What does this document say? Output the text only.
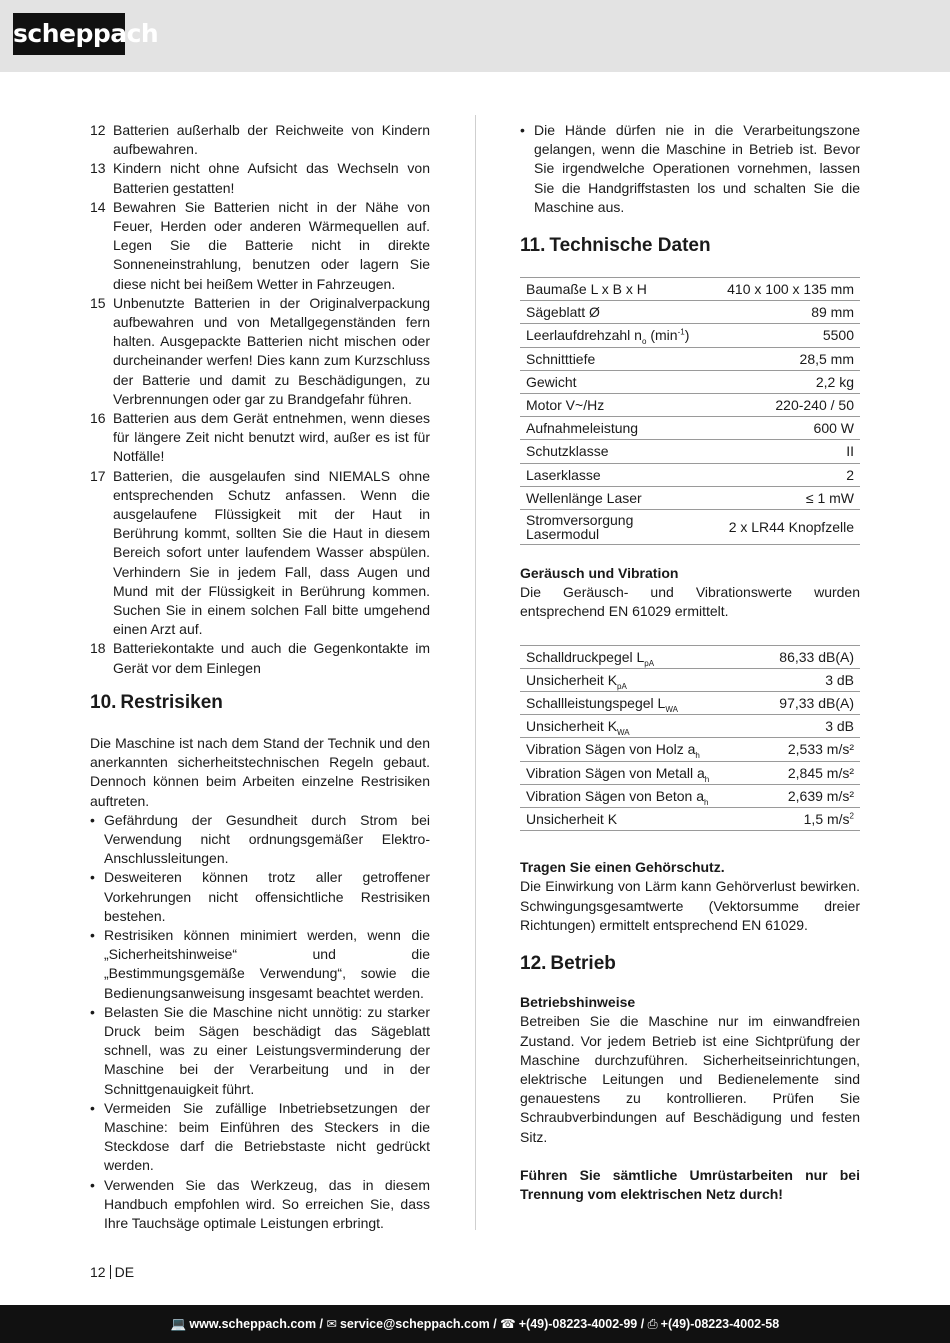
scheppach
12 Batterien außerhalb der Reichweite von Kindern aufbewahren.
13 Kindern nicht ohne Aufsicht das Wechseln von Batterien gestatten!
14 Bewahren Sie Batterien nicht in der Nähe von Feuer, Herden oder anderen Wärmequellen auf. Legen Sie die Batterie nicht in direkte Sonneneinstrahlung, benutzen oder lagern Sie diese nicht bei heißem Wetter in Fahrzeugen.
15 Unbenutzte Batterien in der Originalverpackung aufbewahren und von Metallgegenständen fern halten. Ausgepackte Batterien nicht mischen oder durcheinander werfen! Dies kann zum Kurzschluss der Batterie und damit zu Beschädigungen, zu Verbrennungen oder gar zu Brandgefahr führen.
16 Batterien aus dem Gerät entnehmen, wenn dieses für längere Zeit nicht benutzt wird, außer es ist für Notfälle!
17 Batterien, die ausgelaufen sind NIEMALS ohne entsprechenden Schutz anfassen. Wenn die ausgelaufene Flüssigkeit mit der Haut in Berührung kommt, sollten Sie die Haut in diesem Bereich sofort unter laufendem Wasser abspülen. Verhindern Sie in jedem Fall, dass Augen und Mund mit der Flüssigkeit in Berührung kommen. Suchen Sie in einem solchen Fall bitte umgehend einen Arzt auf.
18 Batteriekontakte und auch die Gegenkontakte im Gerät vor dem Einlegen
10. Restrisiken

Die Maschine ist nach dem Stand der Technik und den anerkannten sicherheitstechnischen Regeln gebaut. Dennoch können beim Arbeiten einzelne Restrisiken auftreten.

• Gefährdung der Gesundheit durch Strom bei Verwendung nicht ordnungsgemäßer Elektro-Anschlussleitungen.
• Desweiteren können trotz aller getroffener Vorkehrungen nicht offensichtliche Restrisiken bestehen.
• Restrisiken können minimiert werden, wenn die „Sicherheitshinweise“ und die „Bestimmungsgemäße Verwendung“, sowie die Bedienungsanweisung insgesamt beachtet werden.
• Belasten Sie die Maschine nicht unnötig: zu starker Druck beim Sägen beschädigt das Sägeblatt schnell, was zu einer Leistungsverminderung der Maschine bei der Verarbeitung und in der Schnittgenauigkeit führt.
• Vermeiden Sie zufällige Inbetriebsetzungen der Maschine: beim Einführen des Steckers in die Steckdose darf die Betriebstaste nicht gedrückt werden.
• Verwenden Sie das Werkzeug, das in diesem Handbuch empfohlen wird. So erreichen Sie, dass Ihre Tauchsäge optimale Leistungen erbringt.
• Die Hände dürfen nie in die Verarbeitungszone gelangen, wenn die Maschine in Betrieb ist. Bevor Sie irgendwelche Operationen vornehmen, lassen Sie die Handgriffstasten los und schalten Sie die Maschine aus.
11. Technische Daten
Baumaße L x B x H	410 x 100 x 135 mm
Sägeblatt Ø	89 mm
Leerlaufdrehzahl $n_o$ $(\min^{-1})$	5500
Schnitttiefe	28,5 mm
Gewicht	2,2 kg
Motor V~/Hz	220-240 / 50
Aufnahmeleistung	600 W
Schutzklasse	II
Laserklasse	2
Wellenlänge Laser	≤ 1 mW
Stromversorgung
Lasermodul	2 x LR44 Knopfzelle

Geräusch und Vibration

Die Geräusch- und Vibrationswerte wurden entsprechend EN 61029 ermittelt.

Schalldruckpegel $L_{pA}$	86,33 dB(A)
Unsicherheit $K_{pA}$	3 dB
Schallleistungspegel $L_{WA}$	97,33 dB(A)
Unsicherheit $K_{WA}$	3 dB
Vibration Sägen von Holz $a_h$	2,533 m/s²
Vibration Sägen von Metall $a_h$	2,845 m/s²
Vibration Sägen von Beton $a_h$	2,639 m/s²
Unsicherheit K	1,5 $m/s^2$

Tragen Sie einen Gehörschutz.

Die Einwirkung von Lärm kann Gehörverlust bewirken. Schwingungsgesamtwerte (Vektorsumme dreier Richtungen) ermittelt entsprechend EN 61029.

12. Betrieb

Betriebshinweise

Betreiben Sie die Maschine nur im einwandfreien Zustand. Vor jedem Betrieb ist eine Sichtprüfung der Maschine durchzuführen. Sicherheitseinrichtungen, elektrische Leitungen und Bedienelemente sind genauestens zu kontrollieren. Prüfen Sie Schraubverbindungen auf Beschädigung und festen Sitz.

Führen Sie sämtliche Umrüstarbeiten nur bei Trennung vom elektrischen Netz durch!

12 DE
💻 www.scheppach.com / ✉ service@scheppach.com / ☎ +(49)-08223-4002-99 / ⎙ +(49)-08223-4002-58
